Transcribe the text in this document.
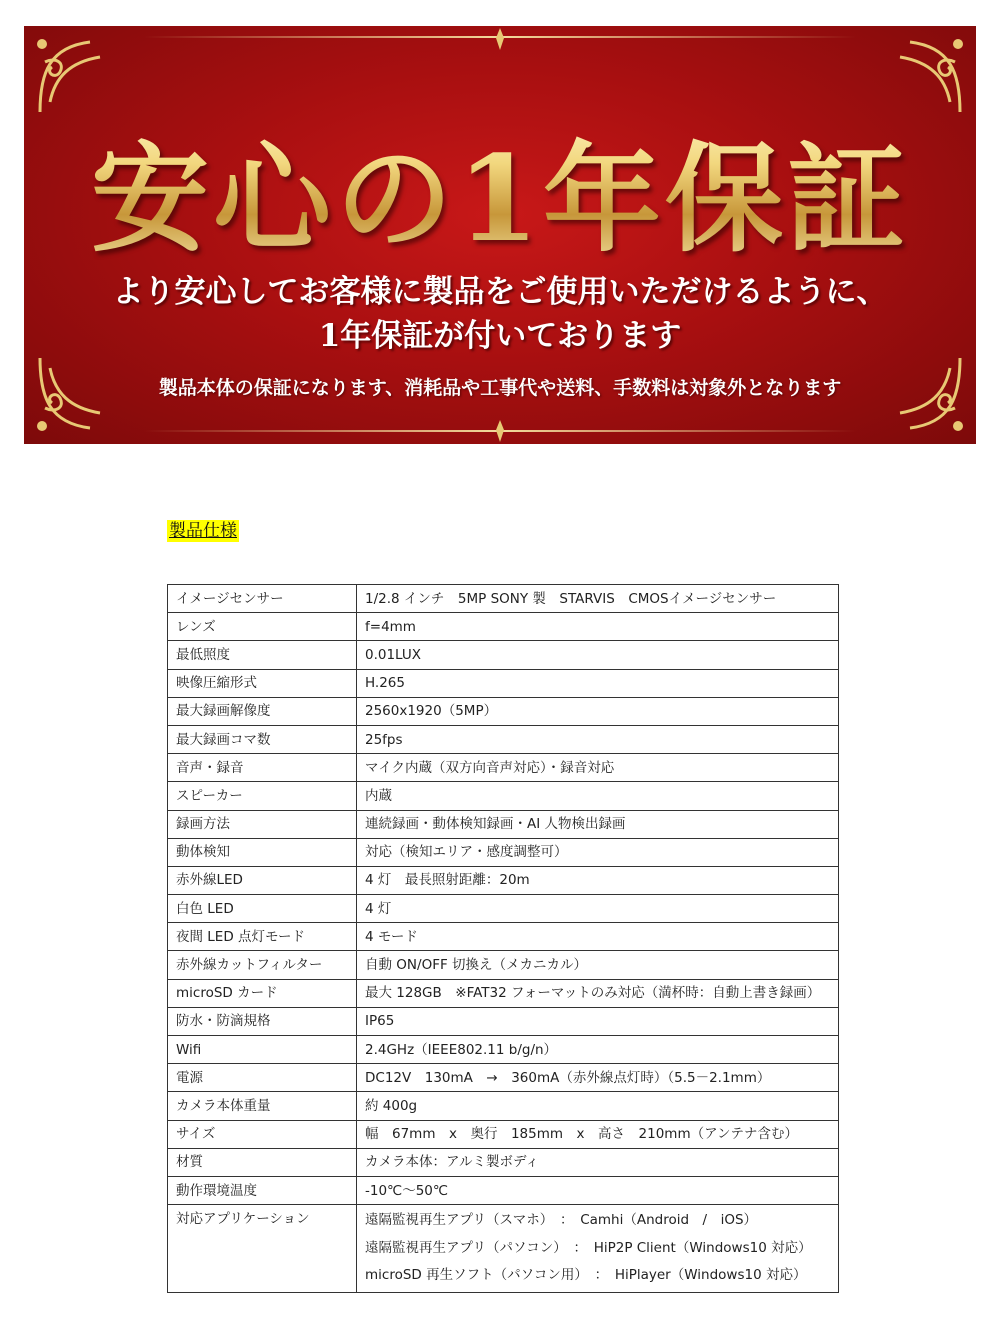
安心の1年保証
より安心してお客様に製品をご使用いただけるように、
1年保証が付いております
製品本体の保証になります、消耗品や工事代や送料、手数料は対象外となります
製品仕様
イメージセンサー	1/2.8 インチ　5MP SONY 製　STARVIS　CMOSイメージセンサー
レンズ	f=4mm
最低照度	0.01LUX
映像圧縮形式	H.265
最大録画解像度	2560x1920（5MP）
最大録画コマ数	25fps
音声・録音	マイク内蔵（双方向音声対応）・録音対応
スピーカー	内蔵
録画方法	連続録画・動体検知録画・AI 人物検出録画
動体検知	対応（検知エリア・感度調整可）
赤外線LED	4 灯　最長照射距離：20m
白色 LED	4 灯
夜間 LED 点灯モード	4 モード
赤外線カットフィルター	自動 ON/OFF 切換え（メカニカル）
microSD カード	最大 128GB　※FAT32 フォーマットのみ対応（満杯時：自動上書き録画）
防水・防滴規格	IP65
Wifi	2.4GHz（IEEE802.11 b/g/n）
電源	DC12V　130mA　→　360mA（赤外線点灯時）（5.5－2.1mm）
カメラ本体重量	約 400g
サイズ	幅　67mm　x　奥行　185mm　x　高さ　210mm（アンテナ含む）
材質	カメラ本体：アルミ製ボディ
動作環境温度	-10℃～50℃
対応アプリケーション	遠隔監視再生アプリ（スマホ）　：　Camhi（Android　/　iOS）
遠隔監視再生アプリ（パソコン）　：　HiP2P Client（Windows10 対応）
microSD 再生ソフト（パソコン用）　：　HiPlayer（Windows10 対応）
